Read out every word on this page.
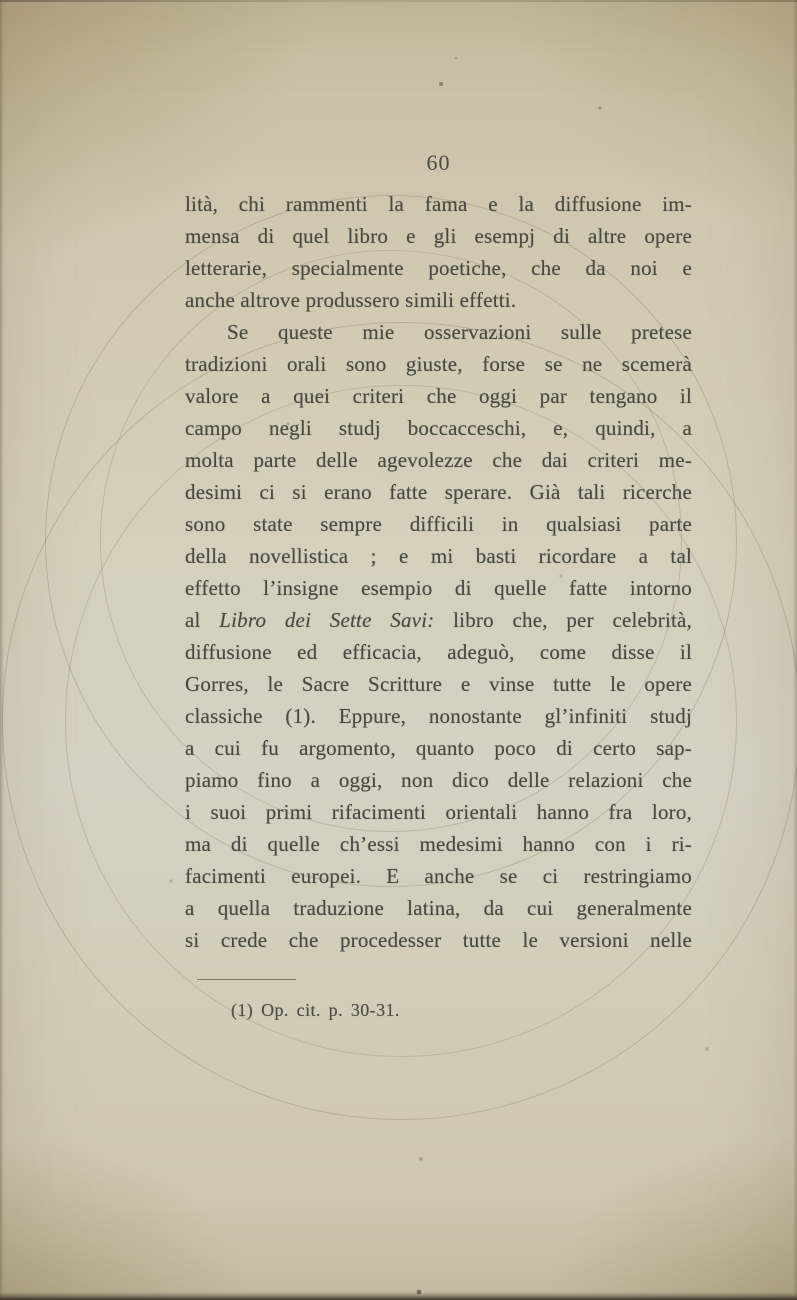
60
lità, chi rammenti la fama e la diffusione im-
mensa di quel libro e gli esempj di altre opere
letterarie, specialmente poetiche, che da noi e
anche altrove produssero simili effetti.
Se queste mie osservazioni sulle pretese
tradizioni orali sono giuste, forse se ne scemerà
valore a quei criteri che oggi par tengano il
campo negli studj boccacceschi, e, quindi, a
molta parte delle agevolezze che dai criteri me-
desimi ci si erano fatte sperare. Già tali ricerche
sono state sempre difficili in qualsiasi parte
della novellistica ; e mi basti ricordare a tal
effetto l’insigne esempio di quelle fatte intorno
al Libro dei Sette Savi: libro che, per celebrità,
diffusione ed efficacia, adeguò, come disse il
Gorres, le Sacre Scritture e vinse tutte le opere
classiche (1). Eppure, nonostante gl’infiniti studj
a cui fu argomento, quanto poco di certo sap-
piamo fino a oggi, non dico delle relazioni che
i suoi primi rifacimenti orientali hanno fra loro,
ma di quelle ch’essi medesimi hanno con i ri-
facimenti europei. E anche se ci restringiamo
a quella traduzione latina, da cui generalmente
si crede che procedesser tutte le versioni nelle
(1) Op. cit. p. 30-31.
